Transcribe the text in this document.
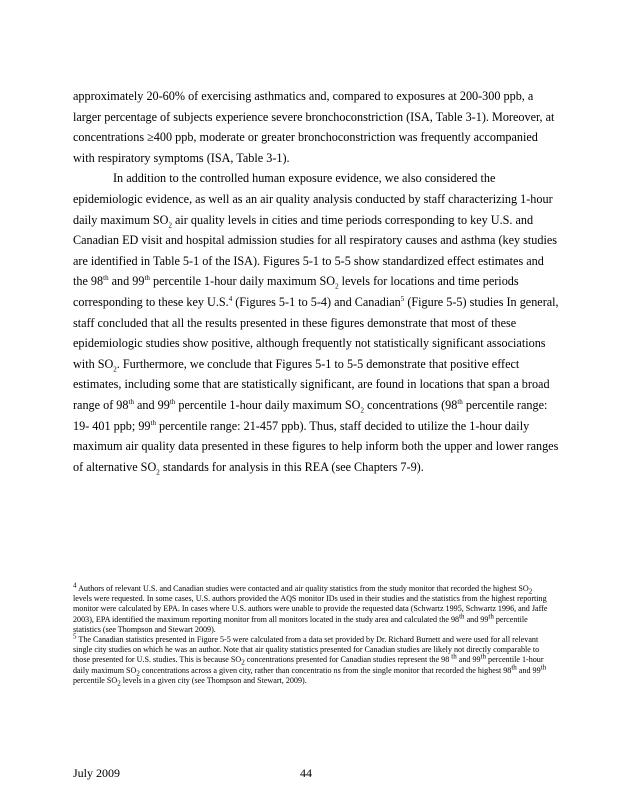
approximately 20-60% of exercising asthmatics and, compared to exposures at 200-300 ppb, a larger percentage of subjects experience severe bronchoconstriction (ISA, Table 3-1). Moreover, at concentrations ≥400 ppb, moderate or greater bronchoconstriction was frequently accompanied with respiratory symptoms (ISA, Table 3-1).

In addition to the controlled human exposure evidence, we also considered the epidemiologic evidence, as well as an air quality analysis conducted by staff characterizing 1-hour daily maximum $SO_2$ air quality levels in cities and time periods corresponding to key U.S. and Canadian ED visit and hospital admission studies for all respiratory causes and asthma (key studies are identified in Table 5-1 of the ISA). Figures 5-1 to 5-5 show standardized effect estimates and the 98th and 99th percentile 1-hour daily maximum $SO_2$ levels for locations and time periods corresponding to these key U.S.$^4$ (Figures 5-1 to 5-4) and Canadian$^5$ (Figure 5-5) studies In general, staff concluded that all the results presented in these figures demonstrate that most of these epidemiologic studies show positive, although frequently not statistically significant associations with $SO_2$. Furthermore, we conclude that Figures 5-1 to 5-5 demonstrate that positive effect estimates, including some that are statistically significant, are found in locations that span a broad range of 98th and 99th percentile 1-hour daily maximum $SO_2$ concentrations (98th percentile range: 19- 401 ppb; 99th percentile range: 21-457 ppb). Thus, staff decided to utilize the 1-hour daily maximum air quality data presented in these figures to help inform both the upper and lower ranges of alternative $SO_2$ standards for analysis in this REA (see Chapters 7-9).

$^4$ Authors of relevant U.S. and Canadian studies were contacted and air quality statistics from the study monitor that recorded the highest $SO_2$ levels were requested. In some cases, U.S. authors provided the AQS monitor IDs used in their studies and the statistics from the highest reporting monitor were calculated by EPA. In cases where U.S. authors were unable to provide the requested data (Schwartz 1995, Schwartz 1996, and Jaffe 2003), EPA identified the maximum reporting monitor from all monitors located in the study area and calculated the 98th and 99th percentile statistics (see Thompson and Stewart 2009).

$^5$ The Canadian statistics presented in Figure 5-5 were calculated from a data set provided by Dr. Richard Burnett and were used for all relevant single city studies on which he was an author. Note that air quality statistics presented for Canadian studies are likely not directly comparable to those presented for U.S. studies. This is because $SO_2$ concentrations presented for Canadian studies represent the 98 $^{th}$ and 99th percentile 1-hour daily maximum $SO_2$ concentrations across a given city, rather than concentratio ns from the single monitor that recorded the highest 98th and 99th percentile $SO_2$ levels in a given city (see Thompson and Stewart, 2009).

July 2009	44
